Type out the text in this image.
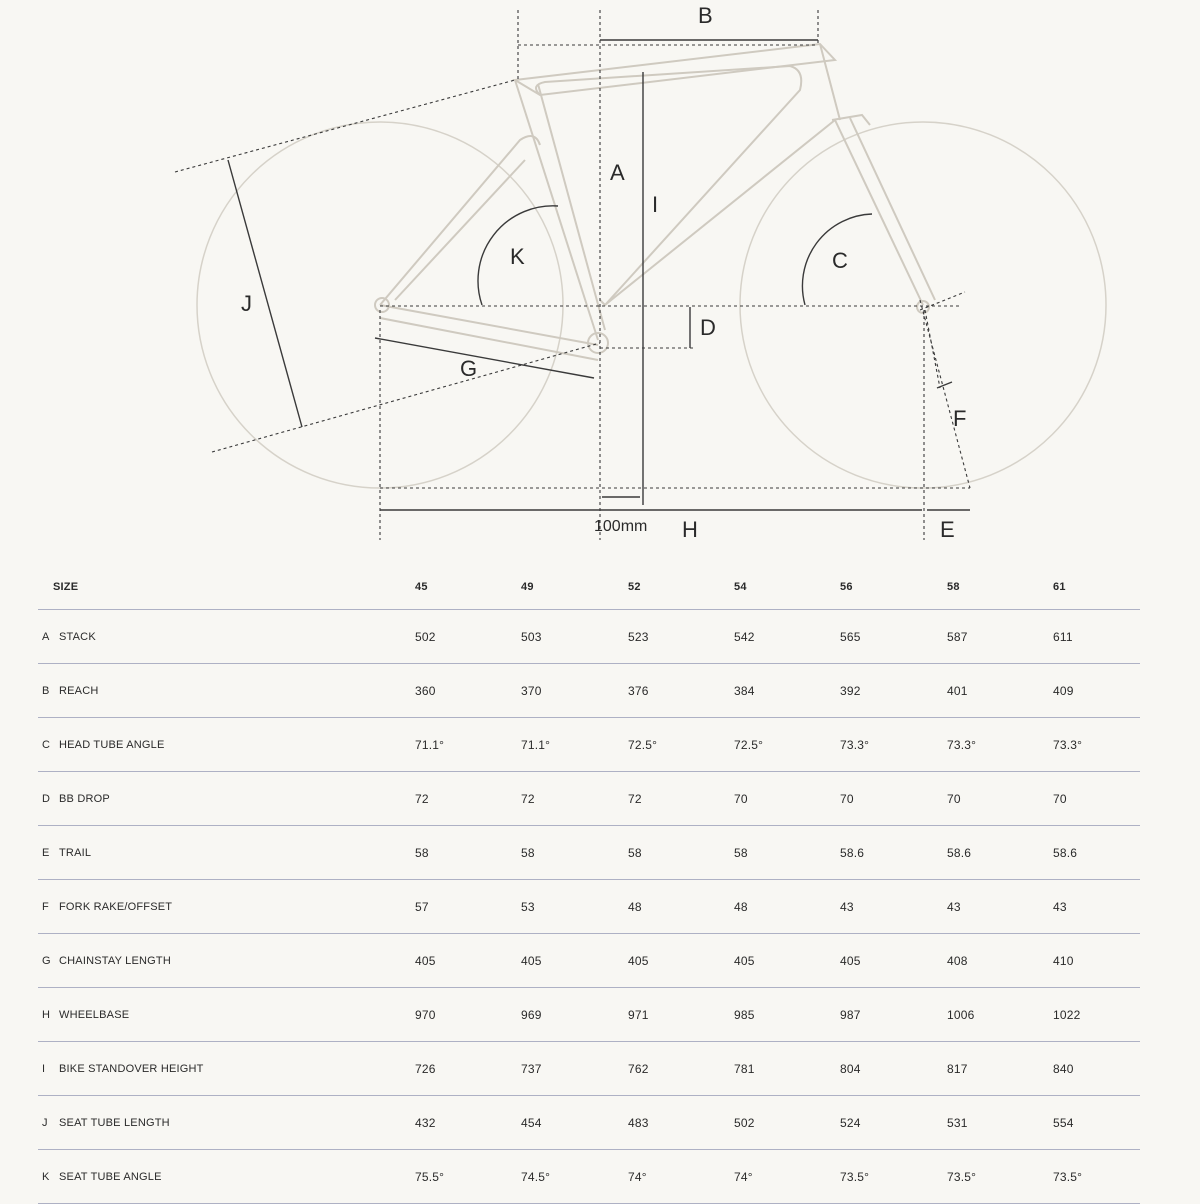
B
A
I
K	C
J
D
G
F
100mm H	E
SIZE	45	49	52	54	56	58	61
A STACK	502	503	523	542	565	587	611
B REACH	360	370	376	384	392	401	409
C HEAD TUBE ANGLE	71.1°	71.1°	72.5°	72.5°	73.3°	73.3°	73.3°
D BB DROP	72	72	72	70	70	70	70
E TRAIL	58	58	58	58	58.6	58.6	58.6
F FORK RAKE/OFFSET	57	53	48	48	43	43	43
G CHAINSTAY LENGTH	405	405	405	405	405	408	410
H WHEELBASE	970	969	971	985	987	1006	1022
I	BIKE STANDOVER HEIGHT	726	737	762	781	804	817	840
J	SEAT TUBE LENGTH	432	454	483	502	524	531	554
K SEAT TUBE ANGLE	75.5°	74.5°	74°	74°	73.5°	73.5°	73.5°
